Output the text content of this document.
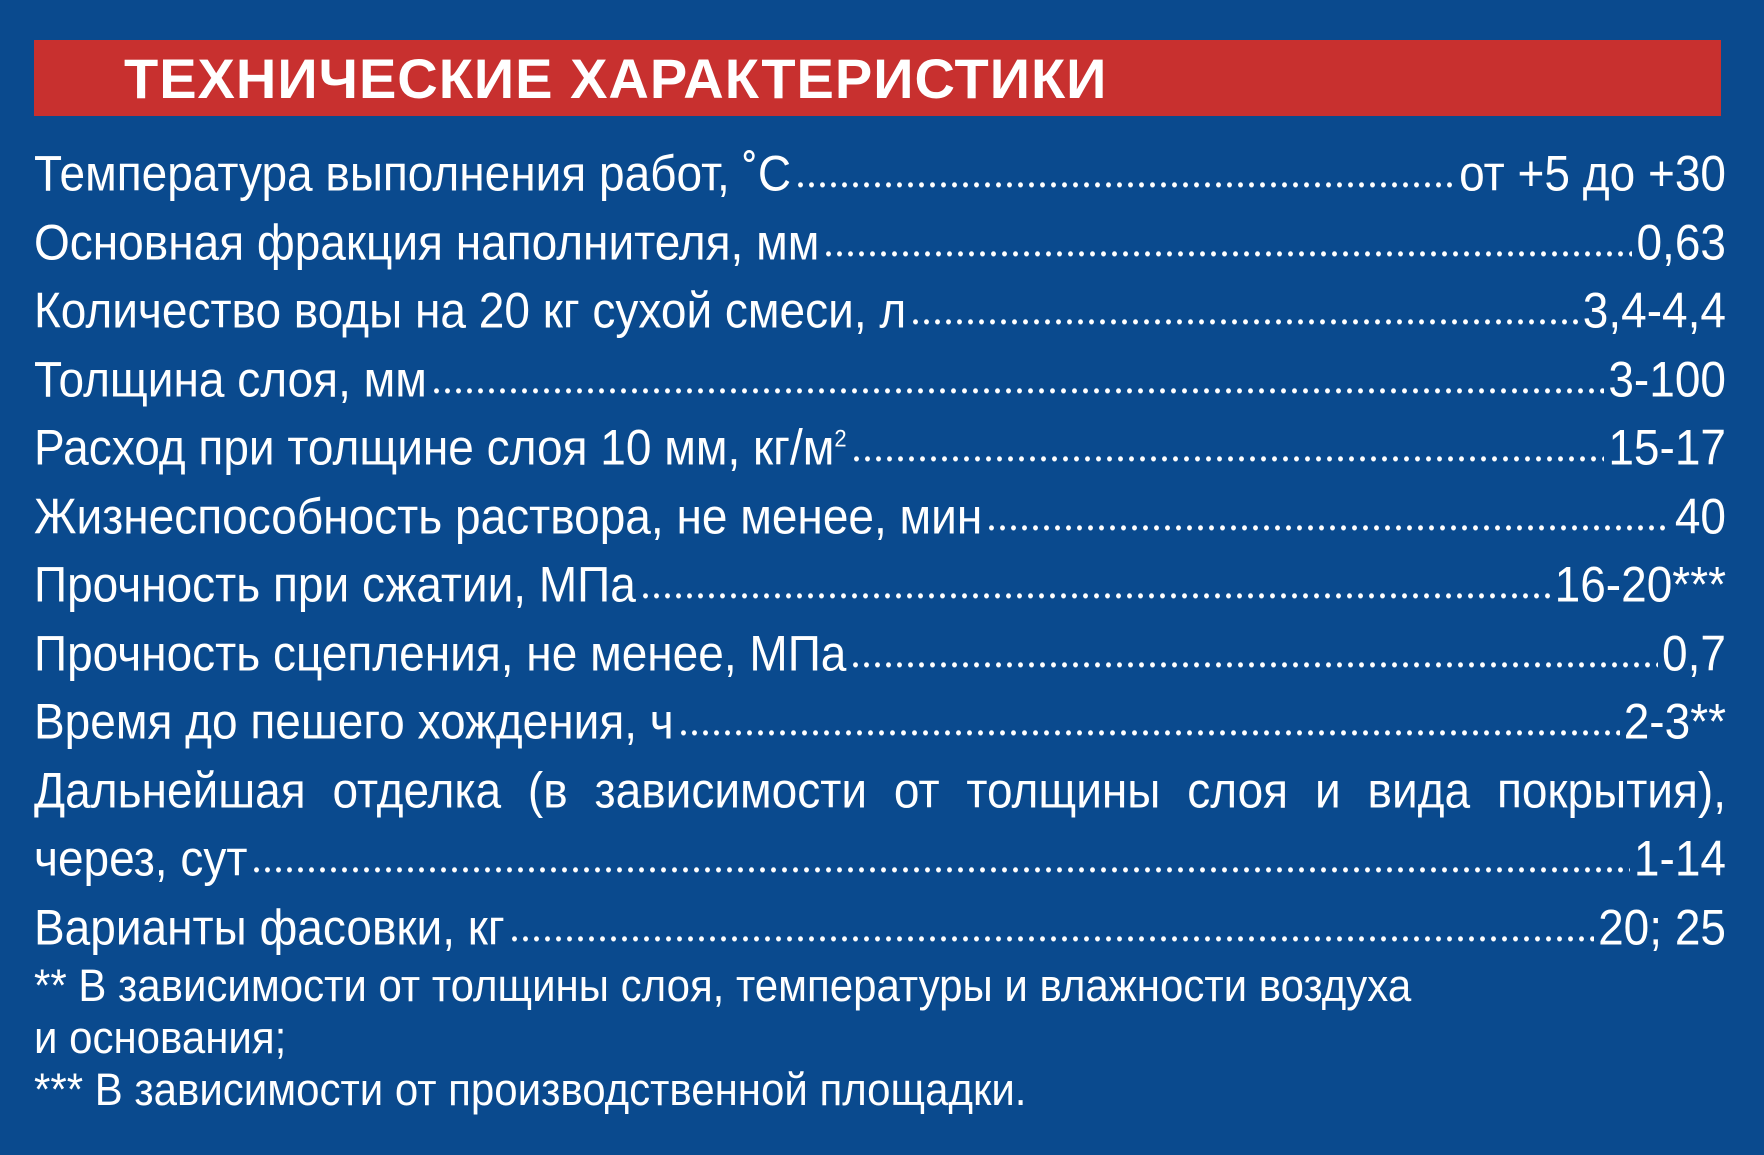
ТЕХНИЧЕСКИЕ ХАРАКТЕРИСТИКИ
Температура выполнения работ, ˚С	от +5 до +30
Основная фракция наполнителя, мм	0,63
Количество воды на 20 кг сухой смеси, л	3,4-4,4
Толщина слоя, мм	3-100
Расход при толщине слоя 10 мм, $кг/м^2$	15-17
Жизнеспособность раствора, не менее, мин	40
Прочность при сжатии, МПа	16-20***
Прочность сцепления, не менее, МПа	0,7
Время до пешего хождения, ч	2-3**
Дальнейшая отделка (в зависимости от толщины слоя и вида покрытия),
через, сут	1-14
Варианты фасовки, кг	20; 25
** В зависимости от толщины слоя, температуры и влажности воздуха
и основания;
*** В зависимости от производственной площадки.
